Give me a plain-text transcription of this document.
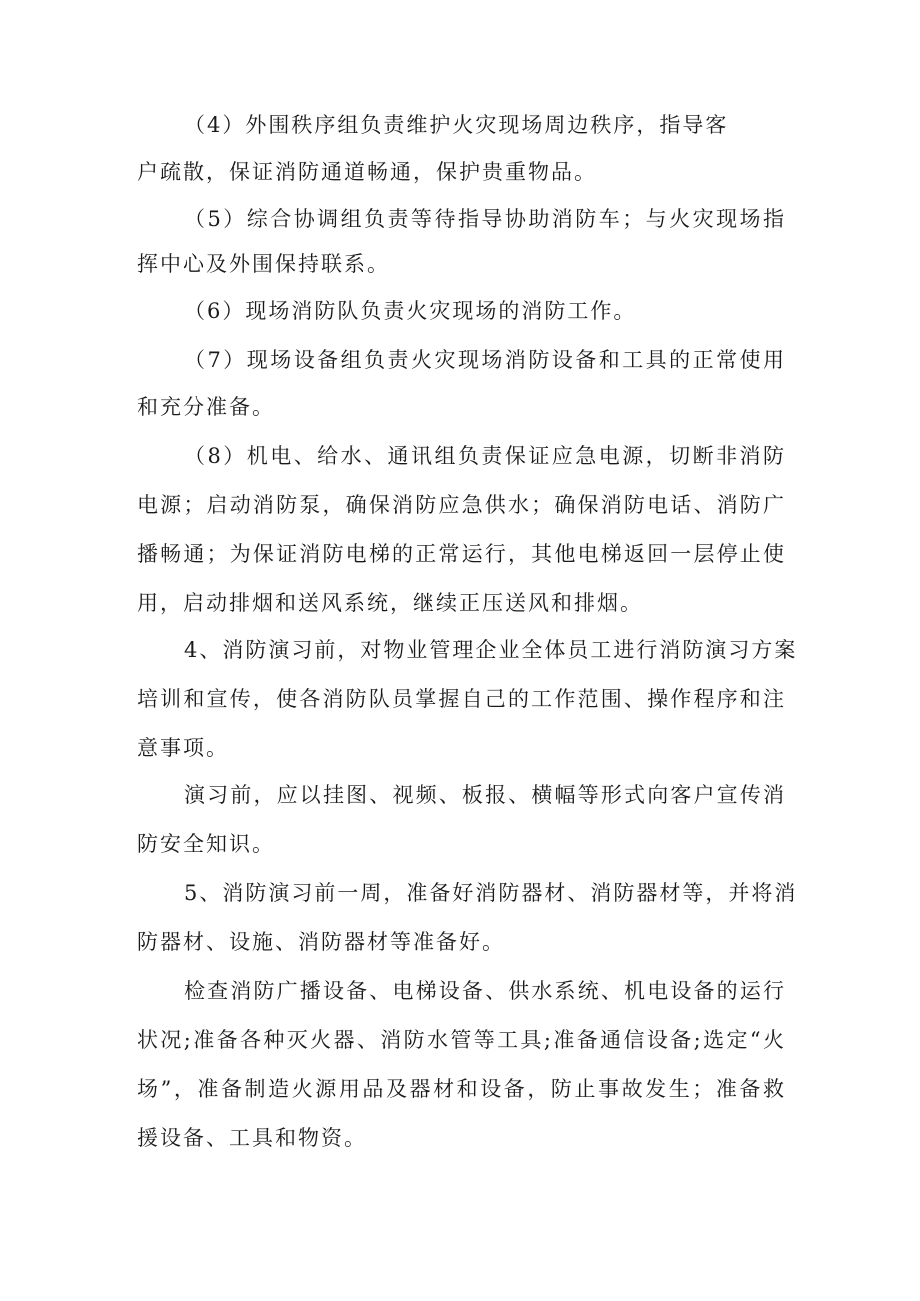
（4）外围秩序组负责维护火灾现场周边秩序，指导客
户疏散，保证消防通道畅通，保护贵重物品。
（5）综合协调组负责等待指导协助消防车；与火灾现场指
挥中心及外围保持联系。
（6）现场消防队负责火灾现场的消防工作。
（7）现场设备组负责火灾现场消防设备和工具的正常使用
和充分准备。
（8）机电、给水、通讯组负责保证应急电源，切断非消防
电源；启动消防泵，确保消防应急供水；确保消防电话、消防广
播畅通；为保证消防电梯的正常运行，其他电梯返回一层停止使
用，启动排烟和送风系统，继续正压送风和排烟。
4、消防演习前，对物业管理企业全体员工进行消防演习方案
培训和宣传，使各消防队员掌握自己的工作范围、操作程序和注
意事项。
演习前，应以挂图、视频、板报、横幅等形式向客户宣传消
防安全知识。
5、消防演习前一周，准备好消防器材、消防器材等，并将消
防器材、设施、消防器材等准备好。
检查消防广播设备、电梯设备、供水系统、机电设备的运行
状况;准备各种灭火器、消防水管等工具;准备通信设备;选定“火
场”，准备制造火源用品及器材和设备，防止事故发生；准备救
援设备、工具和物资。
